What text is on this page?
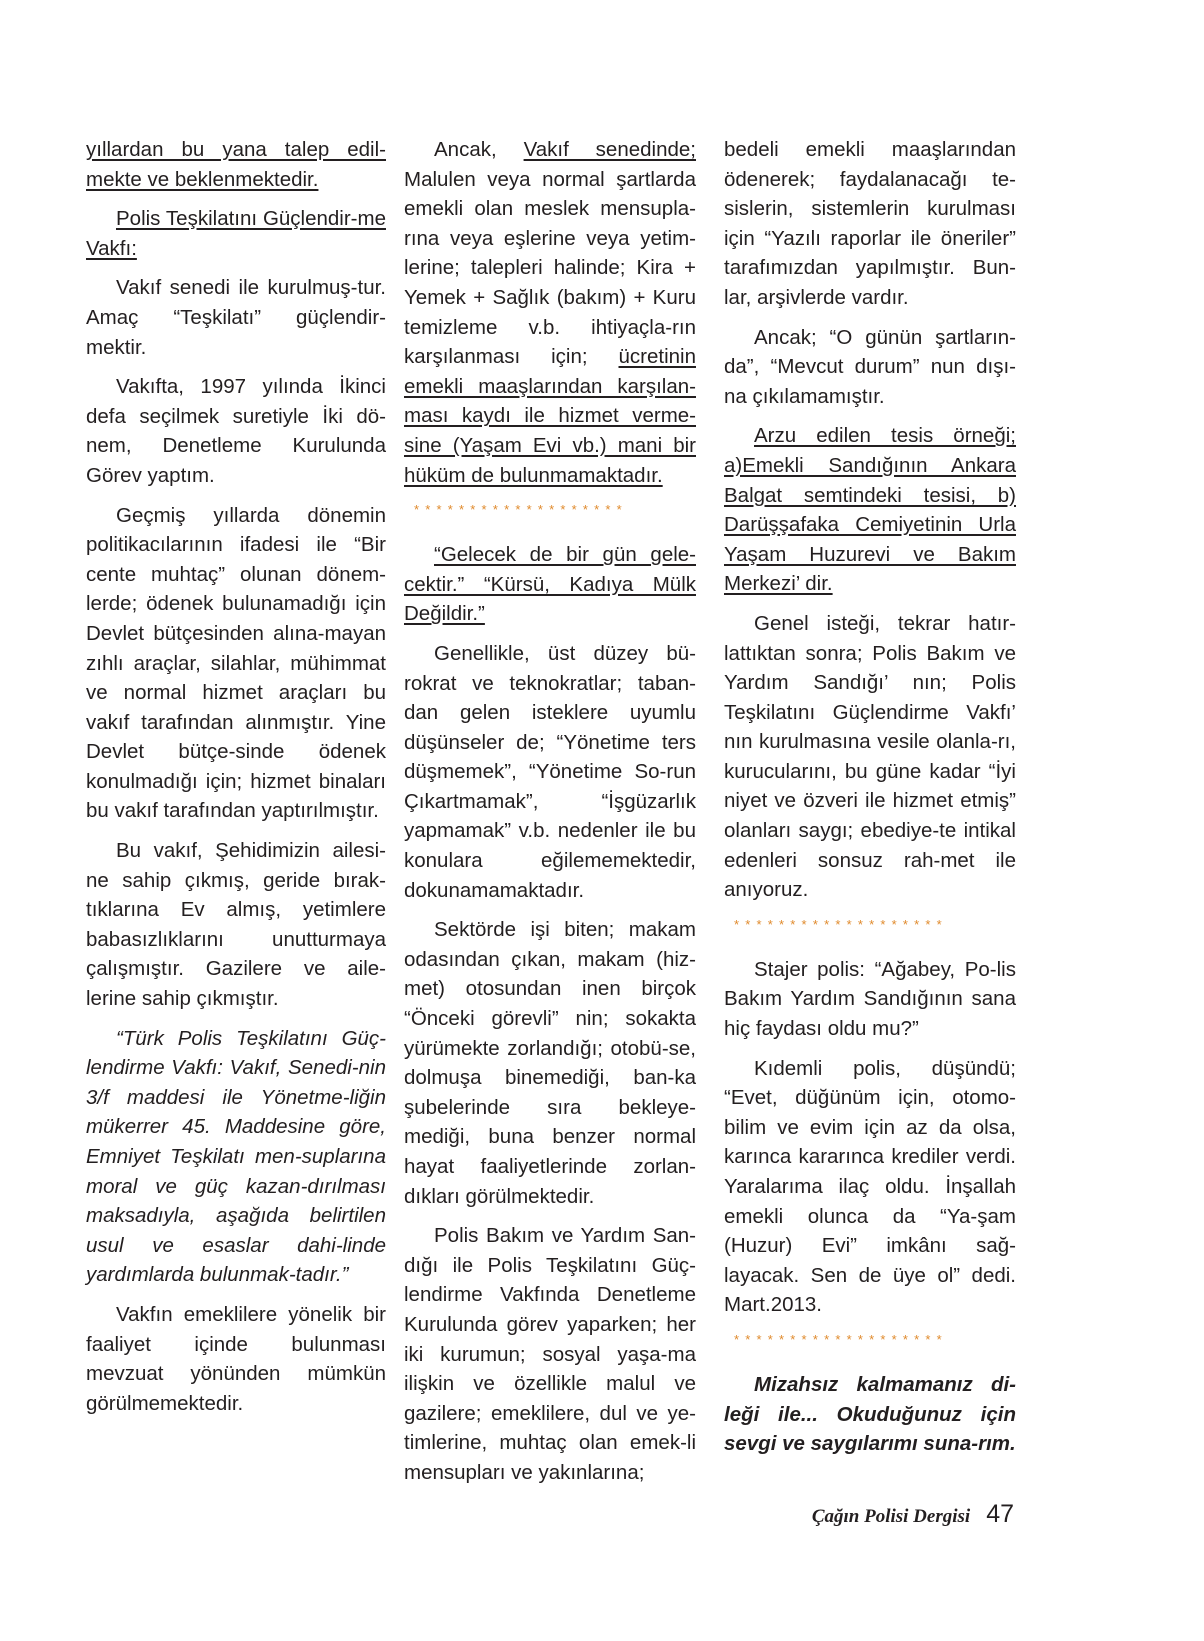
yıllardan bu yana talep edil-mekte ve beklenmektedir.

Polis Teşkilatını Güçlendir-me Vakfı:

Vakıf senedi ile kurulmuş-tur. Amaç “Teşkilatı” güçlendir-mektir.

Vakıfta, 1997 yılında İkinci defa seçilmek suretiyle İki dö-nem, Denetleme Kurulunda Görev yaptım.

Geçmiş yıllarda dönemin politikacılarının ifadesi ile “Bir cente muhtaç” olunan dönem-lerde; ödenek bulunamadığı için Devlet bütçesinden alına-mayan zıhlı araçlar, silahlar, mühimmat ve normal hizmet araçları bu vakıf tarafından alınmıştır. Yine Devlet bütçe-sinde ödenek konulmadığı için; hizmet binaları bu vakıf tarafından yaptırılmıştır.

Bu vakıf, Şehidimizin ailesi-ne sahip çıkmış, geride bırak-tıklarına Ev almış, yetimlere babasızlıklarını unutturmaya çalışmıştır. Gazilere ve aile-lerine sahip çıkmıştır.

“Türk Polis Teşkilatını Güç-lendirme Vakfı: Vakıf, Senedi-nin 3/f maddesi ile Yönetme-liğin mükerrer 45. Maddesine göre, Emniyet Teşkilatı men-suplarına moral ve güç kazan-dırılması maksadıyla, aşağıda belirtilen usul ve esaslar dahi-linde yardımlarda bulunmak-tadır.”

Vakfın emeklilere yönelik bir faaliyet içinde bulunması mevzuat yönünden mümkün görülmemektedir.

Ancak, Vakıf senedinde; Malulen veya normal şartlarda emekli olan meslek mensupla-rına veya eşlerine veya yetim-lerine; talepleri halinde; Kira + Yemek + Sağlık (bakım) + Kuru temizleme v.b. ihtiyaçla-rın karşılanması için; ücretinin emekli maaşlarından karşılan-ması kaydı ile hizmet verme-sine (Yaşam Evi vb.) mani bir hüküm de bulunmamaktadır.

*******************

“Gelecek de bir gün gele-cektir.” “Kürsü, Kadıya Mülk Değildir.”

Genellikle, üst düzey bü-rokrat ve teknokratlar; taban-dan gelen isteklere uyumlu düşünseler de; “Yönetime ters düşmemek”, “Yönetime So-run Çıkartmamak”, “İşgüzarlık yapmamak” v.b. nedenler ile bu konulara eğilememektedir, dokunamamaktadır.

Sektörde işi biten; makam odasından çıkan, makam (hiz-met) otosundan inen birçok “Önceki görevli” nin; sokakta yürümekte zorlandığı; otobü-se, dolmuşa binemediği, ban-ka şubelerinde sıra bekleye-mediği, buna benzer normal hayat faaliyetlerinde zorlan-dıkları görülmektedir.

Polis Bakım ve Yardım San-dığı ile Polis Teşkilatını Güç-lendirme Vakfında Denetleme Kurulunda görev yaparken; her iki kurumun; sosyal yaşa-ma ilişkin ve özellikle malul ve gazilere; emeklilere, dul ve ye-timlerine, muhtaç olan emek-li mensupları ve yakınlarına;

bedeli emekli maaşlarından ödenerek; faydalanacağı te-sislerin, sistemlerin kurulması için “Yazılı raporlar ile öneriler” tarafımızdan yapılmıştır. Bun-lar, arşivlerde vardır.

Ancak; “O günün şartların-da”, “Mevcut durum” nun dışı-na çıkılamamıştır.

Arzu edilen tesis örneği; a)Emekli Sandığının Ankara Balgat semtindeki tesisi, b) Darüşşafaka Cemiyetinin Urla Yaşam Huzurevi ve Bakım Merkezi’ dir.

Genel isteği, tekrar hatır-lattıktan sonra; Polis Bakım ve Yardım Sandığı’ nın; Polis Teşkilatını Güçlendirme Vakfı’ nın kurulmasına vesile olanla-rı, kurucularını, bu güne kadar “İyi niyet ve özveri ile hizmet etmiş” olanları saygı; ebediye-te intikal edenleri sonsuz rah-met ile anıyoruz.

*******************

Stajer polis: “Ağabey, Po-lis Bakım Yardım Sandığının sana hiç faydası oldu mu?”

Kıdemli polis, düşündü; “Evet, düğünüm için, otomo-bilim ve evim için az da olsa, karınca kararınca krediler verdi. Yaralarıma ilaç oldu. İnşallah emekli olunca da “Ya-şam (Huzur) Evi” imkânı sağ-layacak. Sen de üye ol” dedi. Mart.2013.

*******************

Mizahsız kalmamanız di-leği ile... Okuduğunuz için sevgi ve saygılarımı suna-rım.

Çağın Polisi Dergisi 47
